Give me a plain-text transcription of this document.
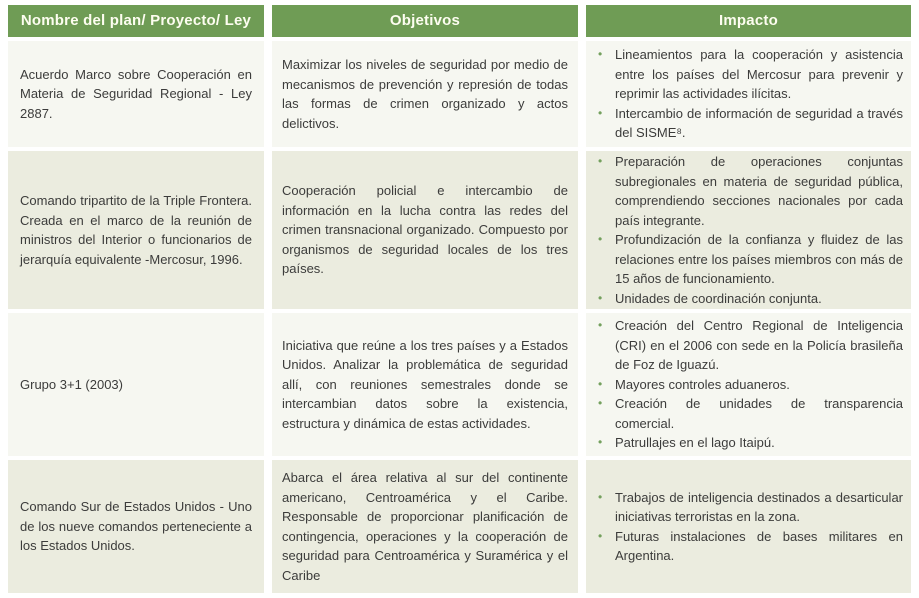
Nombre del plan/ Proyecto/ Ley	Objetivos	Impacto

Acuerdo Marco sobre Cooperación en Materia de Seguridad Regional - Ley 2887.

Maximizar los niveles de seguridad por medio de mecanismos de prevención y represión de todas las formas de crimen organizado y actos delictivos.

• Lineamientos para la cooperación y asistencia entre los países del Mercosur para prevenir y reprimir las actividades ilícitas.
• Intercambio de información de seguridad a través del SISME⁸.

Comando tripartito de la Triple Frontera. Creada en el marco de la reunión de ministros del Interior o funcionarios de jerarquía equivalente -Mercosur, 1996.

Cooperación policial e intercambio de información en la lucha contra las redes del crimen transnacional organizado. Compuesto por organismos de seguridad locales de los tres países.

• Preparación de operaciones conjuntas subregionales en materia de seguridad pública, comprendiendo secciones nacionales por cada país integrante.
• Profundización de la confianza y fluidez de las relaciones entre los países miembros con más de 15 años de funcionamiento.
• Unidades de coordinación conjunta.

Grupo 3+1 (2003)

Iniciativa que reúne a los tres países y a Estados Unidos. Analizar la problemática de seguridad allí, con reuniones semestrales donde se intercambian datos sobre la existencia, estructura y dinámica de estas actividades.

• Creación del Centro Regional de Inteligencia (CRI) en el 2006 con sede en la Policía brasileña de Foz de Iguazú.
• Mayores controles aduaneros.
• Creación de unidades de transparencia comercial.
• Patrullajes en el lago Itaipú.

Comando Sur de Estados Unidos - Uno de los nueve comandos perteneciente a los Estados Unidos.

Abarca el área relativa al sur del continente americano, Centroamérica y el Caribe. Responsable de proporcionar planificación de contingencia, operaciones y la cooperación de seguridad para Centroamérica y Suramérica y el Caribe

• Trabajos de inteligencia destinados a desarticular iniciativas terroristas en la zona.
• Futuras instalaciones de bases militares en Argentina.
